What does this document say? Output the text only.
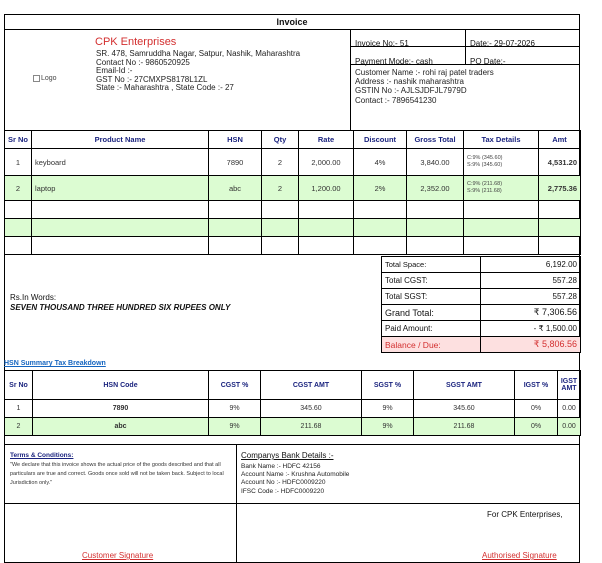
Invoice
Logo
CPK Enterprises
SR. 478, Samruddha Nagar, Satpur, Nashik, Maharashtra
Contact No :- 9860520925
Email-Id :-
GST No :- 27CMXPS8178L1ZL
State :- Maharashtra , State Code :- 27
Invoice No:- 51	Date:- 29-07-2026
Payment Mode:- cash	PO Date:-
Customer Name :- rohi raj patel traders
Address :- nashik maharashtra
GSTIN No :- AJLSJDFJL7979D
Contact :- 7896541230
Sr No	Product Name	HSN	Qty	Rate	Discount	Gross Total	Tax Details	Amt
1	keyboard	7890	2	2,000.00	4%	3,840.00	C:9% (345.60)
S:9% (345.60)	4,531.20
2	laptop	abc	2	1,200.00	2%	2,352.00	C:9% (211.68)
S:9% (211.68)	2,775.36

Rs.In Words:
SEVEN THOUSAND THREE HUNDRED SIX RUPEES ONLY
Total Space:	6,192.00
Total CGST:	557.28
Total SGST:	557.28
Grand Total:	₹ 7,306.56
Paid Amount:	- ₹ 1,500.00
Balance / Due:	₹ 5,806.56
HSN Summary Tax Breakdown
Sr No	HSN Code	CGST %	CGST AMT	SGST %	SGST AMT	IGST %	IGST AMT
1	7890	9%	345.60	9%	345.60	0%	0.00
2	abc	9%	211.68	9%	211.68	0%	0.00
Terms & Conditions:
"We declare that this invoice shows the actual price of the goods described and that all particulars are true and correct. Goods once sold will not be taken back. Subject to local Jurisdiction only."
Companys Bank Details :-
Bank Name :- HDFC 42156
Account Name :- Krushna Automobile
Account No :- HDFC0009220
IFSC Code :- HDFC0009220
For CPK Enterprises,
Customer Signature	Authorised Signature
